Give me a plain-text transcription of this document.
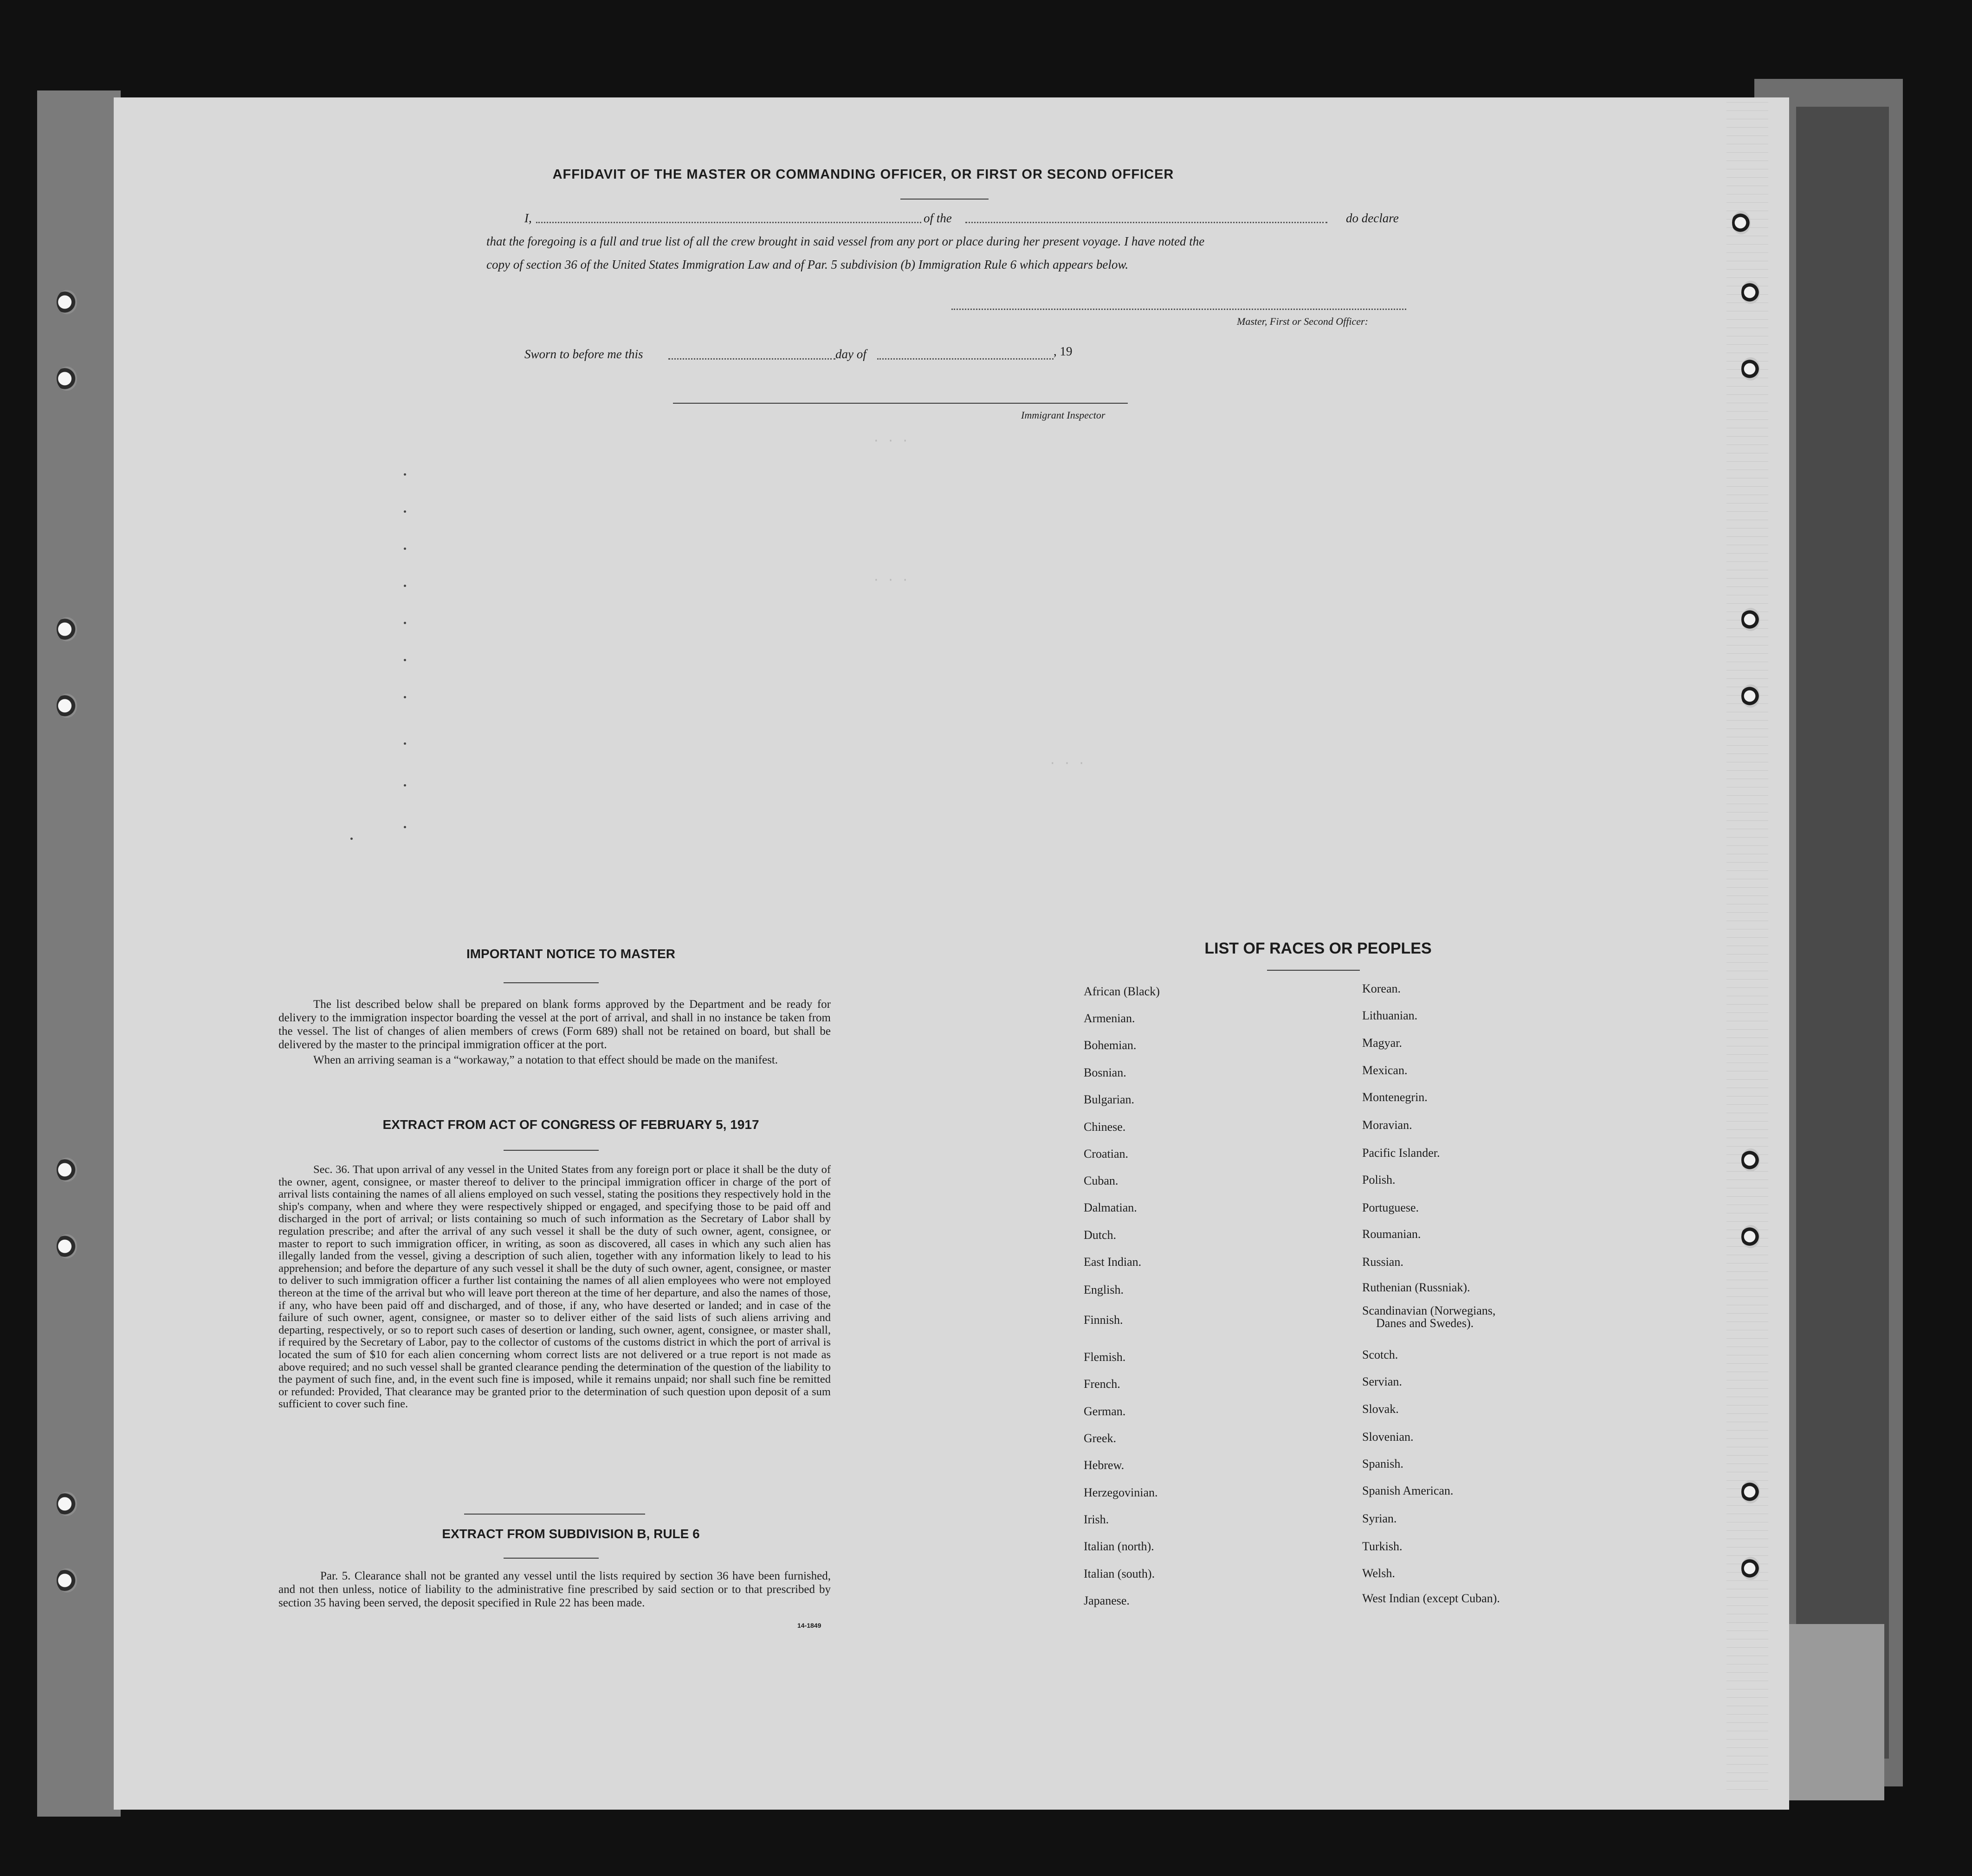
AFFIDAVIT OF THE MASTER OR COMMANDING OFFICER, OR FIRST OR SECOND OFFICER
I,	of the	do declare
that the foregoing is a full and true list of all the crew brought in said vessel from any port or place during her present voyage. I have noted the
copy of section 36 of the United States Immigration Law and of Par. 5 subdivision (b) Immigration Rule 6 which appears below.
Master, First or Second Officer:
Sworn to before me this	day of	, 19
Immigrant Inspector
· · ·
· · ·
· · ·
IMPORTANT NOTICE TO MASTER
The list described below shall be prepared on blank forms approved by the Department and be ready for delivery to the immigration inspector boarding the vessel at the port of arrival, and shall in no instance be taken from the vessel. The list of changes of alien members of crews (Form 689) shall not be retained on board, but shall be delivered by the master to the principal immigration officer at the port.
When an arriving seaman is a “workaway,” a notation to that effect should be made on the manifest.
EXTRACT FROM ACT OF CONGRESS OF FEBRUARY 5, 1917
Sec. 36. That upon arrival of any vessel in the United States from any foreign port or place it shall be the duty of the owner, agent, consignee, or master thereof to deliver to the principal immigration officer in charge of the port of arrival lists containing the names of all aliens employed on such vessel, stating the positions they respectively hold in the ship's company, when and where they were respectively shipped or engaged, and specifying those to be paid off and discharged in the port of arrival; or lists containing so much of such information as the Secretary of Labor shall by regulation prescribe; and after the arrival of any such vessel it shall be the duty of such owner, agent, consignee, or master to report to such immigration officer, in writing, as soon as discovered, all cases in which any such alien has illegally landed from the vessel, giving a description of such alien, together with any information likely to lead to his apprehension; and before the departure of any such vessel it shall be the duty of such owner, agent, consignee, or master to deliver to such immigration officer a further list containing the names of all alien employees who were not employed thereon at the time of the arrival but who will leave port thereon at the time of her departure, and also the names of those, if any, who have been paid off and discharged, and of those, if any, who have deserted or landed; and in case of the failure of such owner, agent, consignee, or master so to deliver either of the said lists of such aliens arriving and departing, respectively, or so to report such cases of desertion or landing, such owner, agent, consignee, or master shall, if required by the Secretary of Labor, pay to the collector of customs of the customs district in which the port of arrival is located the sum of $10 for each alien concerning whom correct lists are not delivered or a true report is not made as above required; and no such vessel shall be granted clearance pending the determination of the question of the liability to the payment of such fine, and, in the event such fine is imposed, while it remains unpaid; nor shall such fine be remitted or refunded: Provided, That clearance may be granted prior to the determination of such question upon deposit of a sum sufficient to cover such fine.
EXTRACT FROM SUBDIVISION B, RULE 6
Par. 5. Clearance shall not be granted any vessel until the lists required by section 36 have been furnished, and not then unless, notice of liability to the administrative fine prescribed by said section or to that prescribed by section 35 having been served, the deposit specified in Rule 22 has been made.
14-1849
LIST OF RACES OR PEOPLES
African (Black)
Armenian.
Bohemian.
Bosnian.
Bulgarian.
Chinese.
Croatian.
Cuban.
Dalmatian.
Dutch.
East Indian.
English.
Finnish.
Flemish.
French.
German.
Greek.
Hebrew.
Herzegovinian.
Irish.
Italian (north).
Italian (south).
Japanese.
Korean.
Lithuanian.
Magyar.
Mexican.
Montenegrin.
Moravian.
Pacific Islander.
Polish.
Portuguese.
Roumanian.
Russian.
Ruthenian (Russniak).
Scandinavian (Norwegians,
Danes and Swedes).
Scotch.
Servian.
Slovak.
Slovenian.
Spanish.
Spanish American.
Syrian.
Turkish.
Welsh.
West Indian (except Cuban).
